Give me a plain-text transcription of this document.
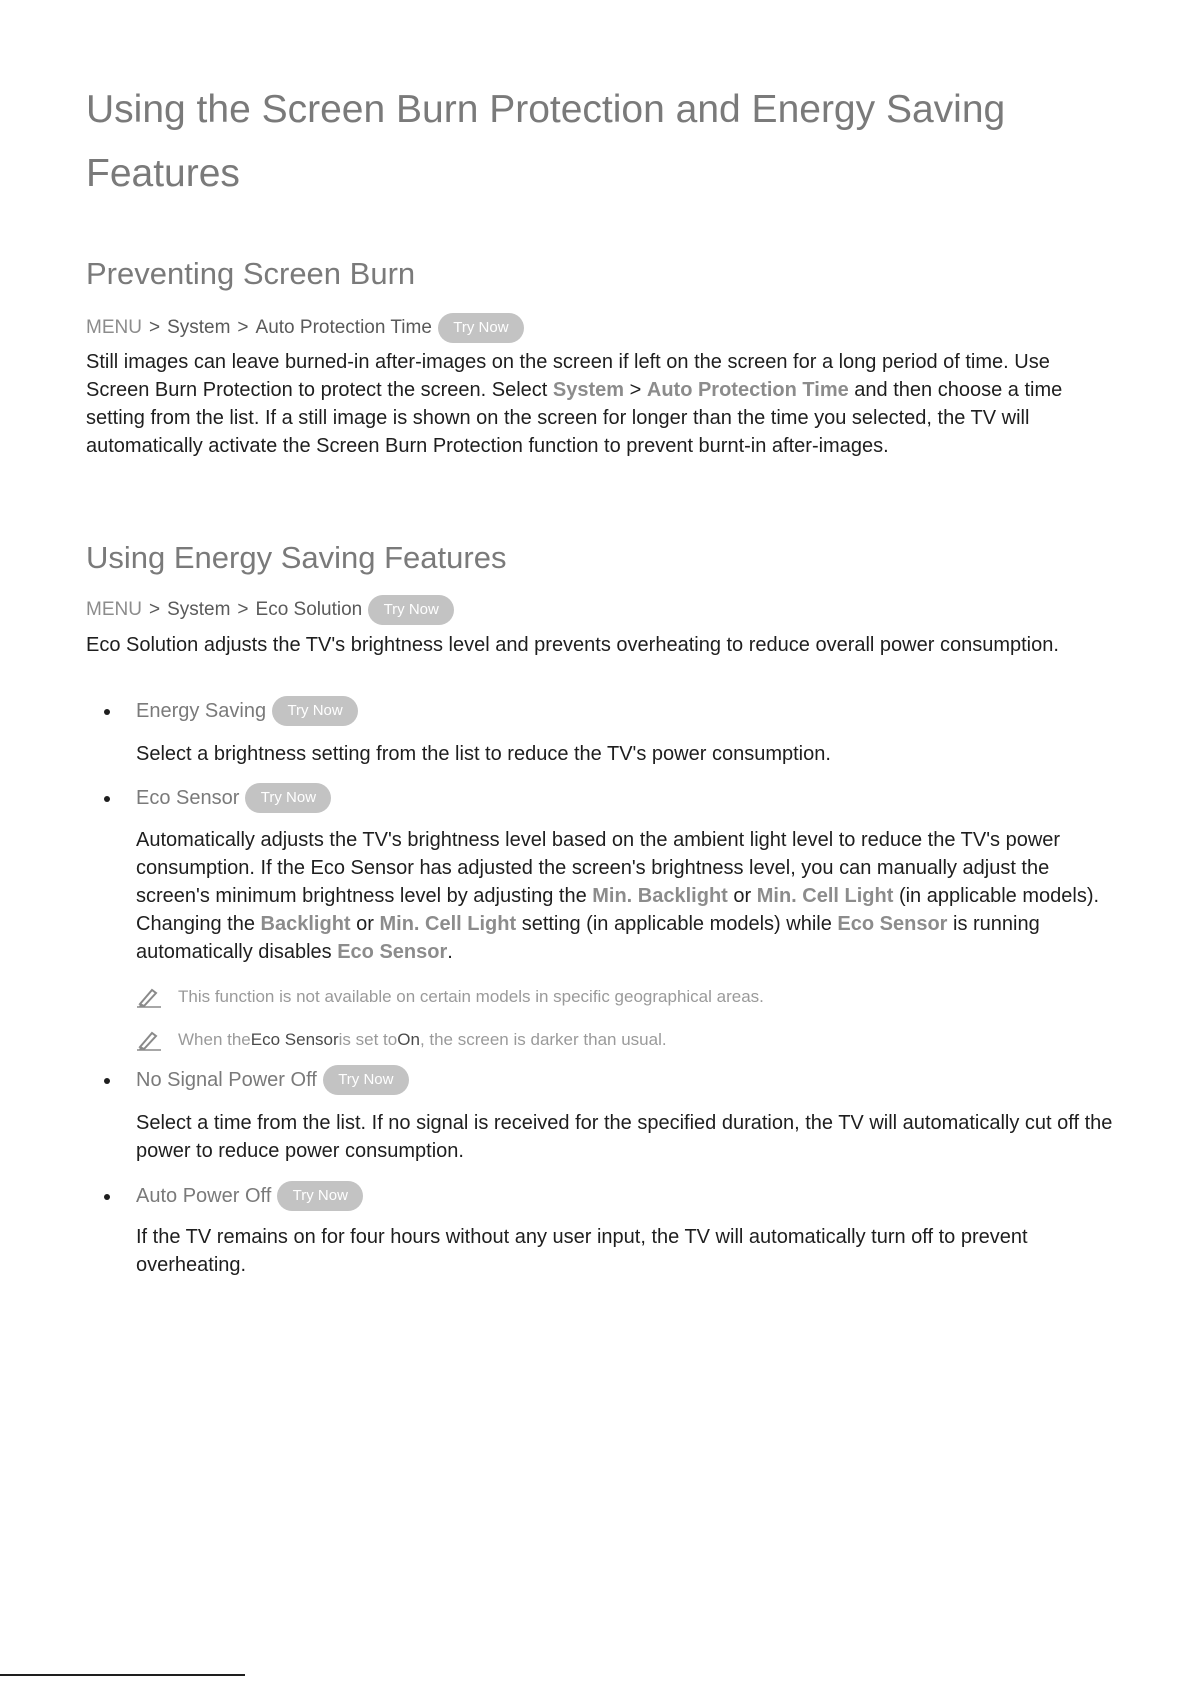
Using the Screen Burn Protection and Energy Saving Features
Preventing Screen Burn
MENU > System > Auto Protection Time	Try Now

Still images can leave burned-in after-images on the screen if left on the screen for a long period of time. Use Screen Burn Protection to protect the screen. Select System > Auto Protection Time and then choose a time setting from the list. If a still image is shown on the screen for longer than the time you selected, the TV will automatically activate the Screen Burn Protection function to prevent burnt-in after-images.

Using Energy Saving Features
MENU > System > Eco Solution	Try Now

Eco Solution adjusts the TV's brightness level and prevents overheating to reduce overall power consumption.

Energy Saving	Try Now

Select a brightness setting from the list to reduce the TV's power consumption.

Eco Sensor	Try Now

Automatically adjusts the TV's brightness level based on the ambient light level to reduce the TV's power consumption. If the Eco Sensor has adjusted the screen's brightness level, you can manually adjust the screen's minimum brightness level by adjusting the Min. Backlight or Min. Cell Light (in applicable models). Changing the Backlight or Min. Cell Light setting (in applicable models) while Eco Sensor is running automatically disables Eco Sensor.

This function is not available on certain models in specific geographical areas.
When the Eco Sensor is set to On , the screen is darker than usual.
No Signal Power Off	Try Now

Select a time from the list. If no signal is received for the specified duration, the TV will automatically cut off the power to reduce power consumption.

Auto Power Off	Try Now

If the TV remains on for four hours without any user input, the TV will automatically turn off to prevent overheating.
